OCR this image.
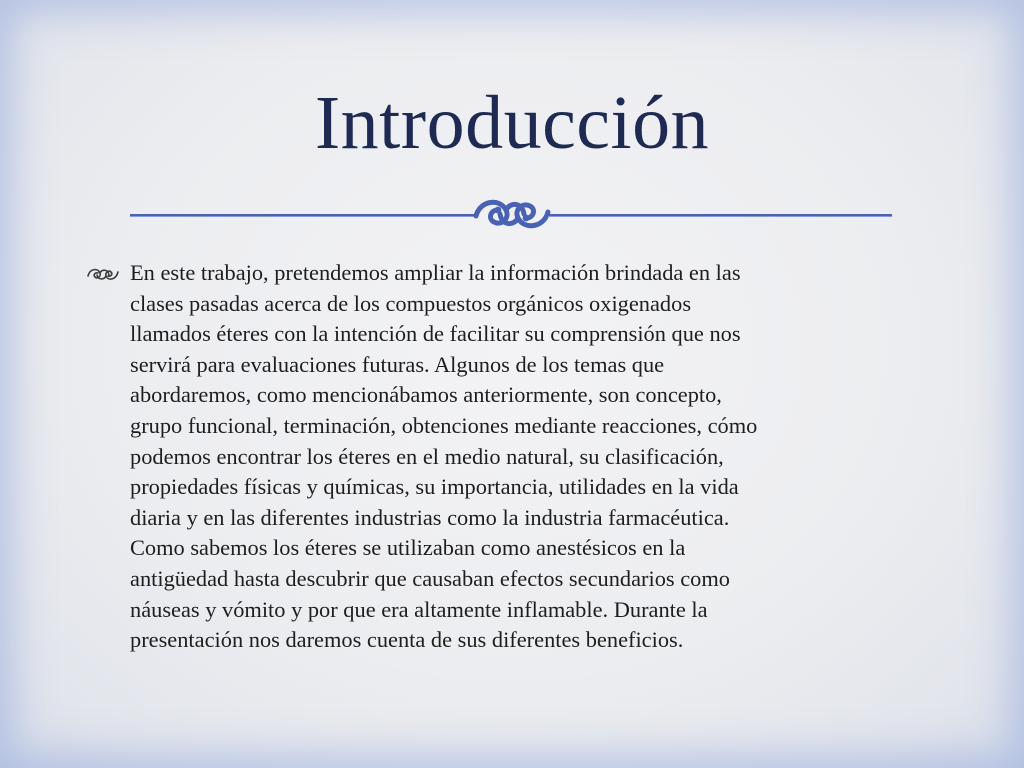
Introducción
En este trabajo, pretendemos ampliar la información brindada en las
clases pasadas acerca de los compuestos orgánicos oxigenados
llamados éteres con la intención de facilitar su comprensión que nos
servirá para evaluaciones futuras. Algunos de los temas que
abordaremos, como mencionábamos anteriormente, son concepto,
grupo funcional, terminación, obtenciones mediante reacciones, cómo
podemos encontrar los éteres en el medio natural, su clasificación,
propiedades físicas y químicas, su importancia, utilidades en la vida
diaria y en las diferentes industrias como la industria farmacéutica.
Como sabemos los éteres se utilizaban como anestésicos en la
antigüedad hasta descubrir que causaban efectos secundarios como
náuseas y vómito y por que era altamente inflamable. Durante la
presentación nos daremos cuenta de sus diferentes beneficios.
